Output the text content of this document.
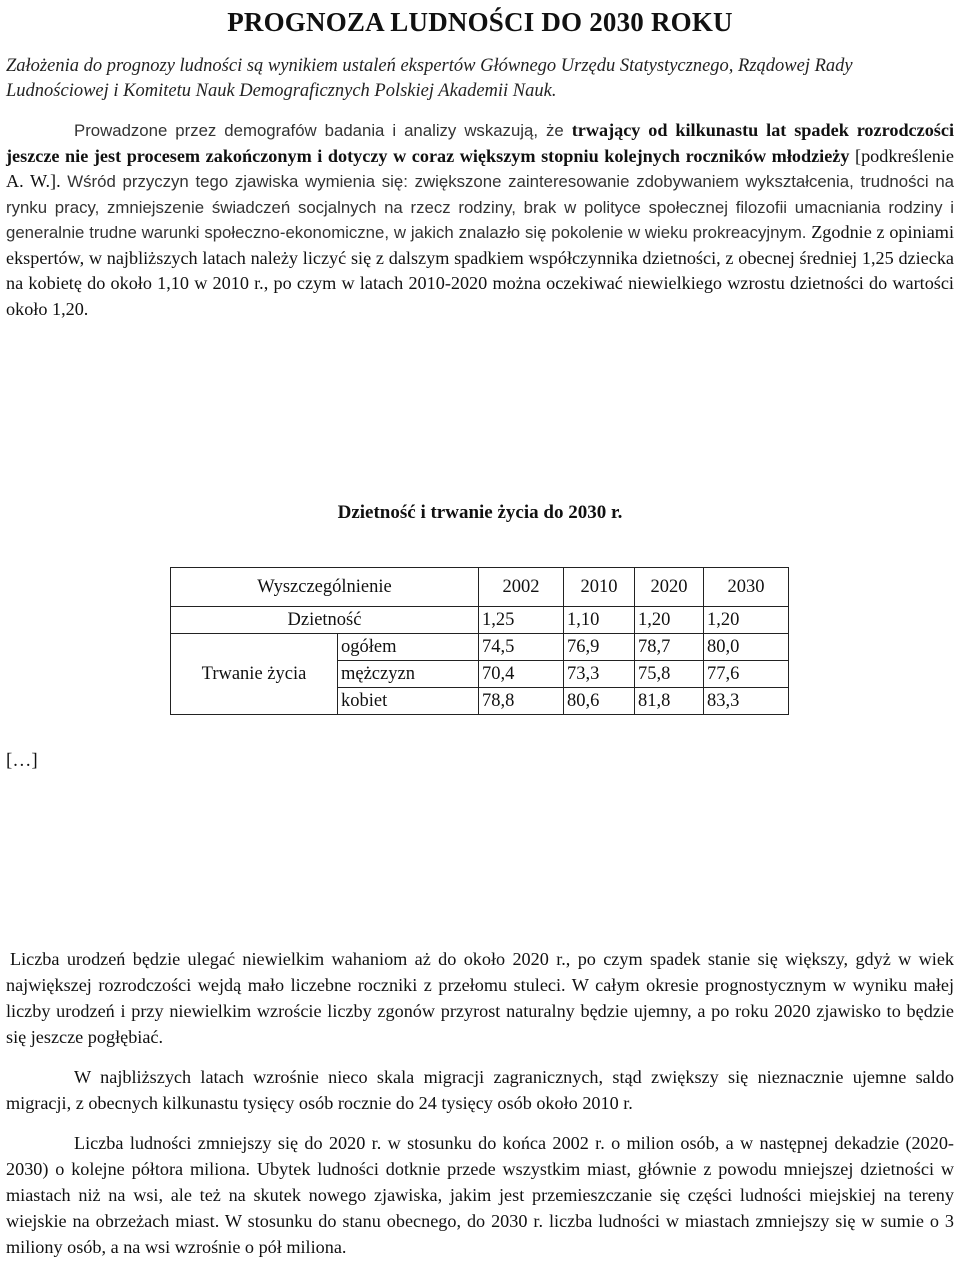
PROGNOZA LUDNOŚCI DO 2030 ROKU

Założenia do prognozy ludności są wynikiem ustaleń ekspertów Głównego Urzędu Statystycznego, Rządowej Rady Ludnościowej i Komitetu Nauk Demograficznych Polskiej Akademii Nauk.

Prowadzone przez demografów badania i analizy wskazują, że trwający od kilkunastu lat spadek rozrodczości jeszcze nie jest procesem zakończonym i dotyczy w coraz większym stopniu kolejnych roczników młodzieży [podkreślenie A. W.]. Wśród przyczyn tego zjawiska wymienia się: zwiększone zainteresowanie zdobywaniem wykształcenia, trudności na rynku pracy, zmniejszenie świadczeń socjalnych na rzecz rodziny, brak w polityce społecznej filozofii umacniania rodziny i generalnie trudne warunki społeczno-ekonomiczne, w jakich znalazło się pokolenie w wieku prokreacyjnym. Zgodnie z opiniami ekspertów, w najbliższych latach należy liczyć się z dalszym spadkiem współczynnika dzietności, z obecnej średniej 1,25 dziecka na kobietę do około 1,10 w 2010 r., po czym w latach 2010-2020 można oczekiwać niewielkiego wzrostu dzietności do wartości około 1,20.

Dzietność i trwanie życia do 2030 r.
Wyszczególnienie		2002	2010	2020	2030
Dzietność		1,25	1,10	1,20	1,20
Trwanie życia	ogółem	74,5	76,9	78,7	80,0
	mężczyzn	70,4	73,3	75,8	77,6
	kobiet	78,8	80,6	81,8	83,3
[…]

Liczba urodzeń będzie ulegać niewielkim wahaniom aż do około 2020 r., po czym spadek stanie się większy, gdyż w wiek największej rozrodczości wejdą mało liczebne roczniki z przełomu stuleci. W całym okresie prognostycznym w wyniku małej liczby urodzeń i przy niewielkim wzroście liczby zgonów przyrost naturalny będzie ujemny, a po roku 2020 zjawisko to będzie się jeszcze pogłębiać.

W najbliższych latach wzrośnie nieco skala migracji zagranicznych, stąd zwiększy się nieznacznie ujemne saldo migracji, z obecnych kilkunastu tysięcy osób rocznie do 24 tysięcy osób około 2010 r.

Liczba ludności zmniejszy się do 2020 r. w stosunku do końca 2002 r. o milion osób, a w następnej dekadzie (2020-2030) o kolejne półtora miliona. Ubytek ludności dotknie przede wszystkim miast, głównie z powodu mniejszej dzietności w miastach niż na wsi, ale też na skutek nowego zjawiska, jakim jest przemieszczanie się części ludności miejskiej na tereny wiejskie na obrzeżach miast. W stosunku do stanu obecnego, do 2030 r. liczba ludności w miastach zmniejszy się w sumie o 3 miliony osób, a na wsi wzrośnie o pół miliona.
